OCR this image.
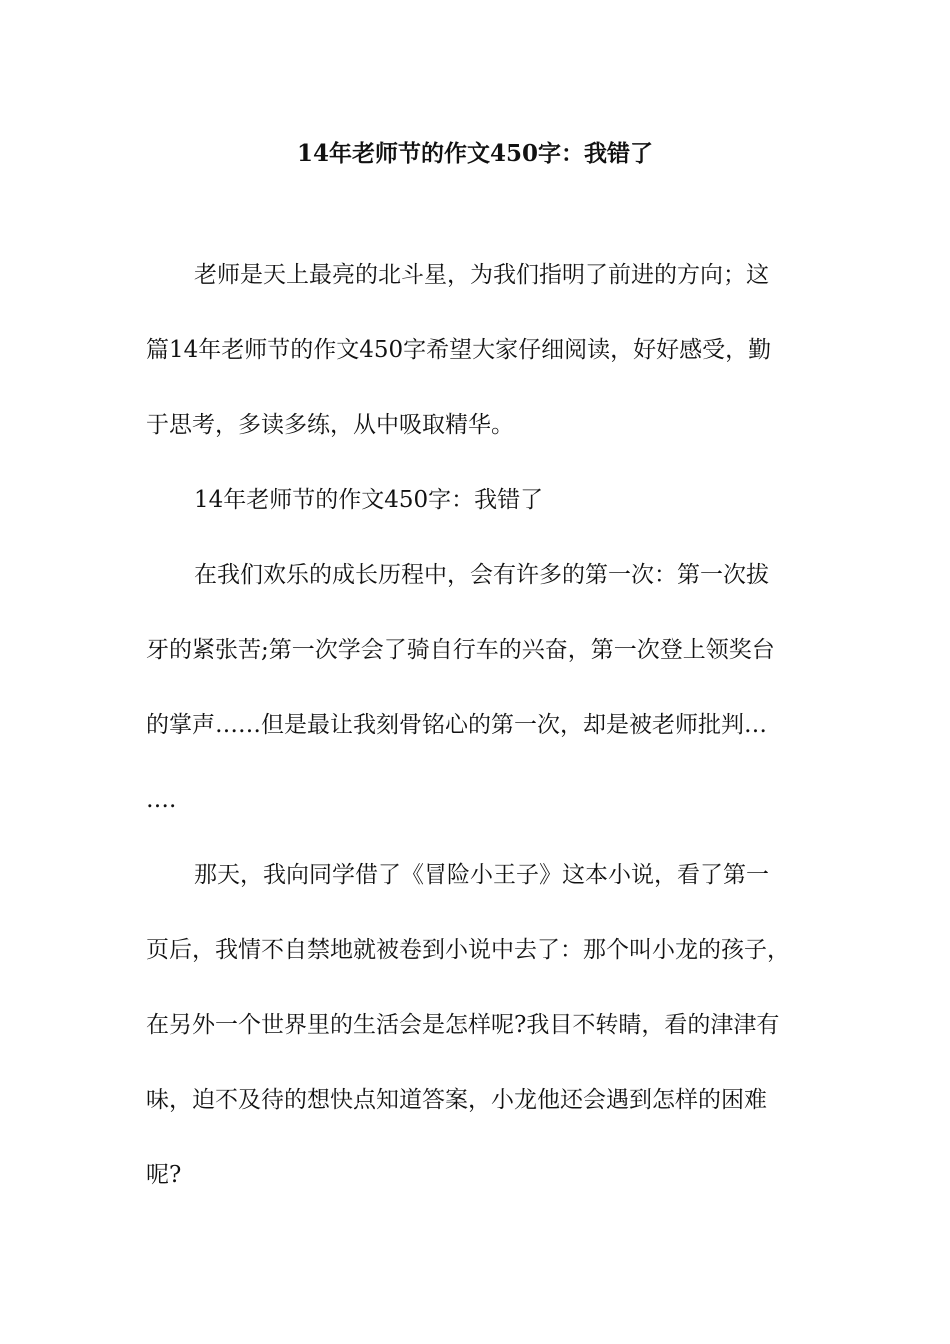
14年老师节的作文450字：我错了

老师是天上最亮的北斗星，为我们指明了前进的方向；这

篇14年老师节的作文450字希望大家仔细阅读，好好感受，勤

于思考，多读多练，从中吸取精华。

14年老师节的作文450字：我错了

在我们欢乐的成长历程中，会有许多的第一次：第一次拔

牙的紧张苦;第一次学会了骑自行车的兴奋，第一次登上领奖台

的掌声……但是最让我刻骨铭心的第一次，却是被老师批判…

….

那天，我向同学借了《冒险小王子》这本小说，看了第一

页后，我情不自禁地就被卷到小说中去了：那个叫小龙的孩子，

在另外一个世界里的生活会是怎样呢?我目不转睛，看的津津有

味，迫不及待的想快点知道答案，小龙他还会遇到怎样的困难

呢?
